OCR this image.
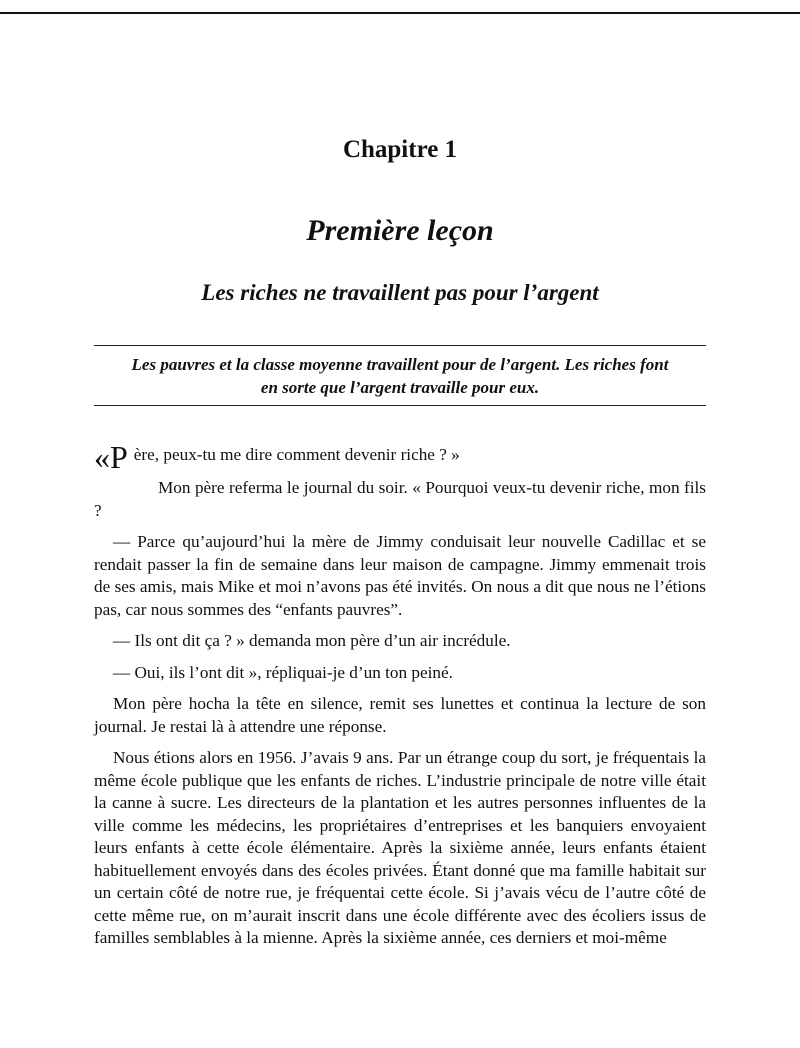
Chapitre 1
Première leçon
Les riches ne travaillent pas pour l’argent
Les pauvres et la classe moyenne travaillent pour de l’argent. Les riches font
en sorte que l’argent travaille pour eux.

«Père, peux-tu me dire comment devenir riche ? »

Mon père referma le journal du soir. « Pourquoi veux-tu devenir riche, mon fils ?

— Parce qu’aujourd’hui la mère de Jimmy conduisait leur nouvelle Cadillac et se rendait passer la fin de semaine dans leur maison de campagne. Jimmy emmenait trois de ses amis, mais Mike et moi n’avons pas été invités. On nous a dit que nous ne l’étions pas, car nous sommes des “enfants pauvres”.

— Ils ont dit ça ? » demanda mon père d’un air incrédule.

— Oui, ils l’ont dit », répliquai-je d’un ton peiné.

Mon père hocha la tête en silence, remit ses lunettes et continua la lecture de son journal. Je restai là à attendre une réponse.

Nous étions alors en 1956. J’avais 9 ans. Par un étrange coup du sort, je fréquentais la même école publique que les enfants de riches. L’industrie principale de notre ville était la canne à sucre. Les directeurs de la plantation et les autres personnes influentes de la ville comme les médecins, les propriétaires d’entreprises et les banquiers envoyaient leurs enfants à cette école élémentaire. Après la sixième année, leurs enfants étaient habituellement envoyés dans des écoles privées. Étant donné que ma famille habitait sur un certain côté de notre rue, je fréquentai cette école. Si j’avais vécu de l’autre côté de cette même rue, on m’aurait inscrit dans une école différente avec des écoliers issus de familles semblables à la mienne. Après la sixième année, ces derniers et moi-même
